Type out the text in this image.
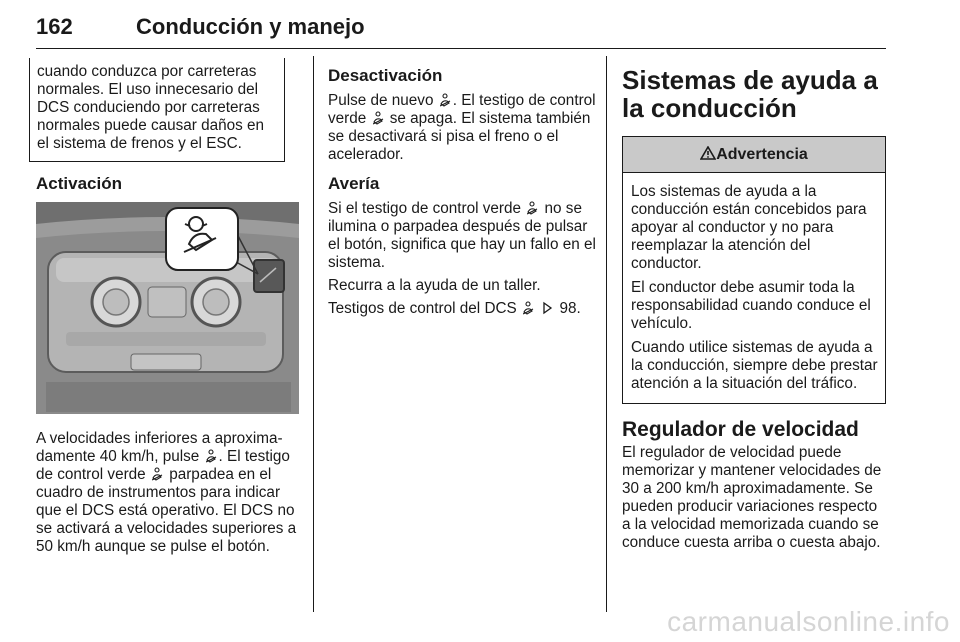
162	Conducción y manejo
cuando conduzca por carreteras normales. El uso innecesario del DCS conduciendo por carreteras normales puede causar daños en el sistema de frenos y el ESC.
Activación
A velocidades inferiores a aproxima‐damente 40 km/h, pulse . El testigo de control verde parpadea en el cuadro de instrumentos para indicar que el DCS está operativo. El DCS no se activará a velocidades superiores a 50 km/h aunque se pulse el botón.
Desactivación
Pulse de nuevo . El testigo de control verde se apaga. El sistema también se desactivará si pisa el freno o el acelerador.
Avería
Si el testigo de control verde no se ilumina o parpadea después de pulsar el botón, significa que hay un fallo en el sistema.
Recurra a la ayuda de un taller.
Testigos de control del DCS	98.
Sistemas de ayuda a la conducción
Advertencia
Los sistemas de ayuda a la conducción están concebidos para apoyar al conductor y no para reemplazar la atención del conductor.
El conductor debe asumir toda la responsabilidad cuando conduce el vehículo.
Cuando utilice sistemas de ayuda a la conducción, siempre debe prestar atención a la situación del tráfico.
Regulador de velocidad
El regulador de velocidad puede memorizar y mantener velocidades de 30 a 200 km/h aproximadamente. Se pueden producir variaciones respecto a la velocidad memorizada cuando se conduce cuesta arriba o cuesta abajo.
carmanualsonline.info
